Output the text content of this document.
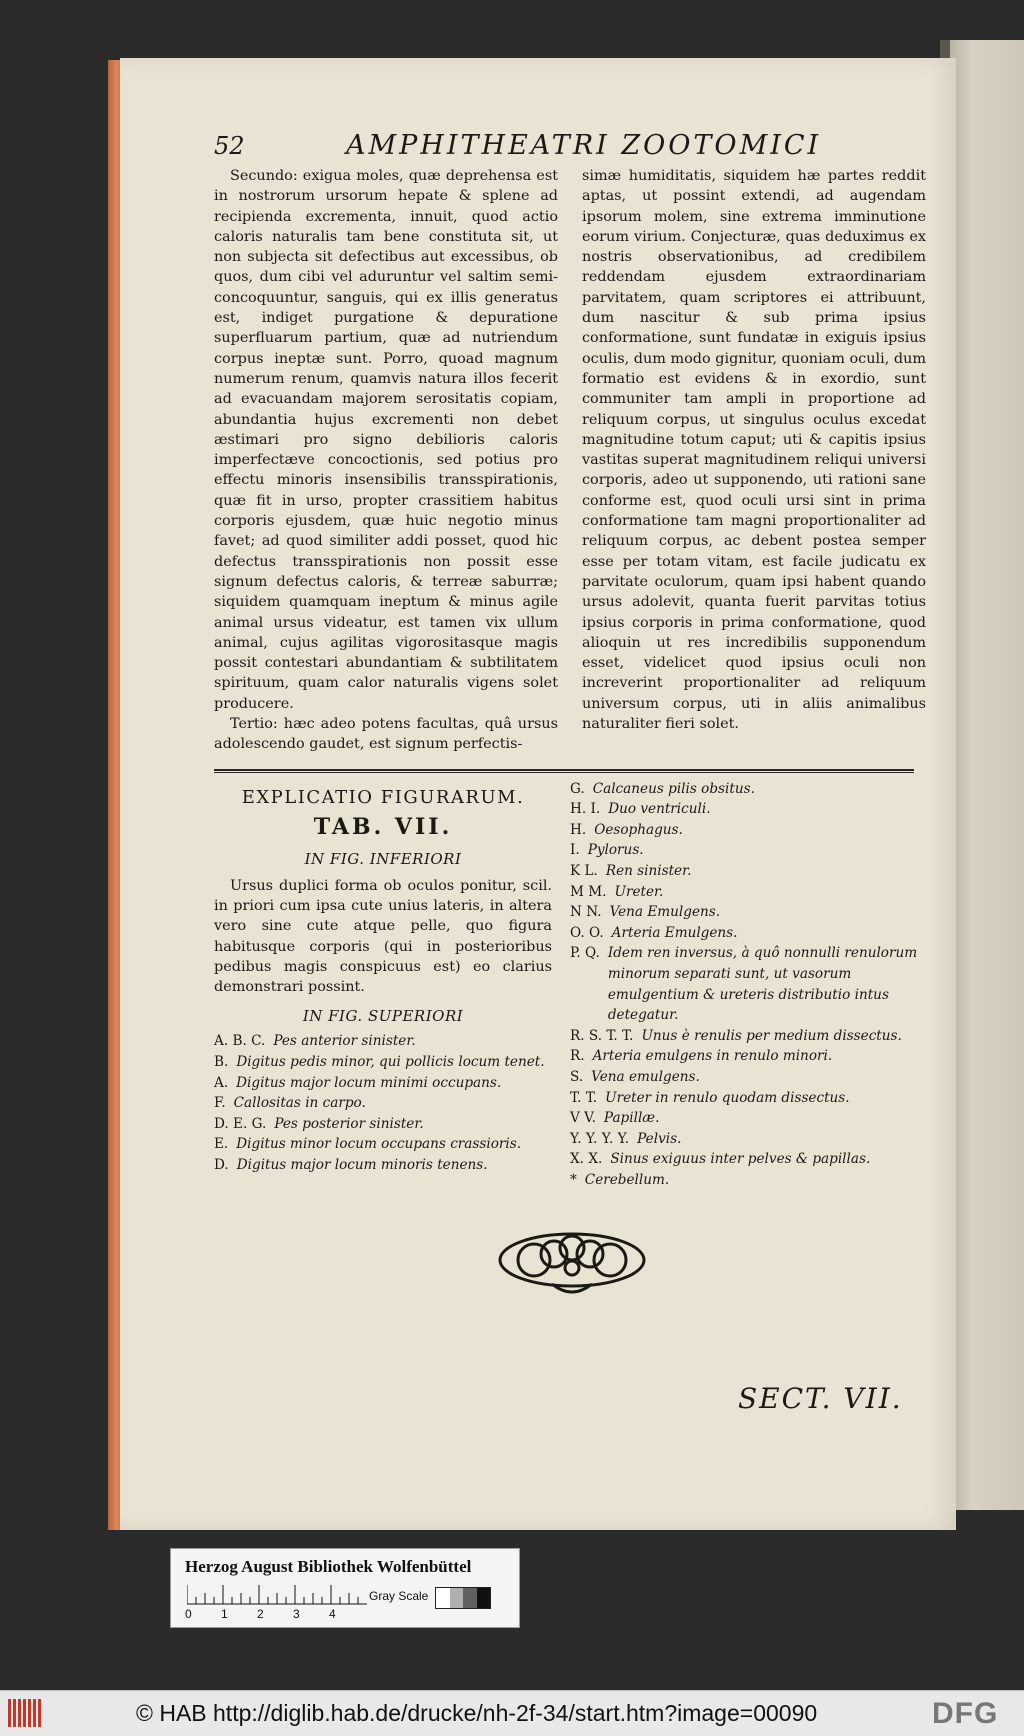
52	AMPHITHEATRI ZOOTOMICI

Secundo: exigua moles, quæ deprehensa est in nostrorum ursorum hepate & splene ad recipienda excrementa, innuit, quod actio caloris naturalis tam bene constituta sit, ut non subjecta sit defectibus aut excessibus, ob quos, dum cibi vel aduruntur vel saltim semi-concoquuntur, sanguis, qui ex illis generatus est, indiget purgatione & depuratione superfluarum partium, quæ ad nutriendum corpus ineptæ sunt. Porro, quoad magnum numerum renum, quamvis natura illos fecerit ad evacuandam majorem serositatis copiam, abundantia hujus excrementi non debet æstimari pro signo debilioris caloris imperfectæve concoctionis, sed potius pro effectu minoris insensibilis transspirationis, quæ fit in urso, propter crassitiem habitus corporis ejusdem, quæ huic negotio minus favet; ad quod similiter addi posset, quod hic defectus transspirationis non possit esse signum defectus caloris, & terreæ saburræ; siquidem quamquam ineptum & minus agile animal ursus videatur, est tamen vix ullum animal, cujus agilitas vigorositasque magis possit contestari abundantiam & subtilitatem spirituum, quam calor naturalis vigens solet producere.

Tertio: hæc adeo potens facultas, quâ ursus adolescendo gaudet, est signum perfectis-

simæ humiditatis, siquidem hæ partes reddit aptas, ut possint extendi, ad augendam ipsorum molem, sine extrema imminutione eorum virium. Conjecturæ, quas deduximus ex nostris observationibus, ad credibilem reddendam ejusdem extraordinariam parvitatem, quam scriptores ei attribuunt, dum nascitur & sub prima ipsius conformatione, sunt fundatæ in exiguis ipsius oculis, dum modo gignitur, quoniam oculi, dum formatio est evidens & in exordio, sunt communiter tam ampli in proportione ad reliquum corpus, ut singulus oculus excedat magnitudine totum caput; uti & capitis ipsius vastitas superat magnitudinem reliqui universi corporis, adeo ut supponendo, uti rationi sane conforme est, quod oculi ursi sint in prima conformatione tam magni proportionaliter ad reliquum corpus, ac debent postea semper esse per totam vitam, est facile judicatu ex parvitate oculorum, quam ipsi habent quando ursus adolevit, quanta fuerit parvitas totius ipsius corporis in prima conformatione, quod alioquin ut res incredibilis supponendum esset, videlicet quod ipsius oculi non increverint proportionaliter ad reliquum universum corpus, uti in aliis animalibus naturaliter fieri solet.

EXPLICATIO FIGURARUM.
TAB. VII.
IN FIG. INFERIORI
Ursus duplici forma ob oculos ponitur, scil. in priori cum ipsa cute unius lateris, in altera vero sine cute atque pelle, quo figura habitusque corporis (qui in posterioribus pedibus magis conspicuus est) eo clarius demonstrari possint.
IN FIG. SUPERIORI
A. B. C. Pes anterior sinister.
B. Digitus pedis minor, qui pollicis locum tenet.
A. Digitus major locum minimi occupans.
F. Callositas in carpo.
D. E. G. Pes posterior sinister.
E. Digitus minor locum occupans crassioris.
D. Digitus major locum minoris tenens.
G. Calcaneus pilis obsitus.
H. I. Duo ventriculi.
H. Oesophagus.
I. Pylorus.
K L. Ren sinister.
M M. Ureter.
N N. Vena Emulgens.
O. O. Arteria Emulgens.
P. Q. Idem ren inversus, à quô nonnulli renulorum minorum separati sunt, ut vasorum emulgentium & ureteris distributio intus detegatur.
R. S. T. T. Unus è renulis per medium dissectus.
R. Arteria emulgens in renulo minori.
S. Vena emulgens.
T. T. Ureter in renulo quodam dissectus.
V V. Papillæ.
Y. Y. Y. Y. Pelvis.
X. X. Sinus exiguus inter pelves & papillas.
* Cerebellum.
SECT. VII.
Herzog August Bibliothek Wolfenbüttel
0 1 2 3 4
Gray Scale
© HAB http://diglib.hab.de/drucke/nh-2f-34/start.htm?image=00090	DFG
